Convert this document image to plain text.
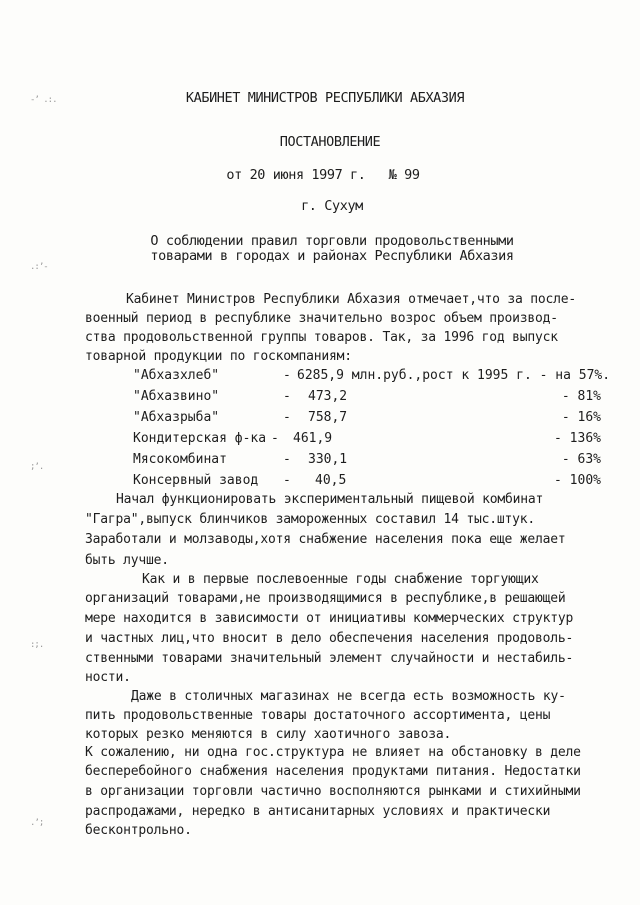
-ʼ .:.
.:ʼ-
;ʼ.
:;.
.ʼ;
КАБИНЕТ МИНИСТРОВ РЕСПУБЛИКИ АБХАЗИЯ
ПОСТАНОВЛЕНИЕ
от 20 июня 1997 г.   № 99
г. Сухум
О соблюдении правил торговли продовольственными
товарами в городах и районах Республики Абхазия
Кабинет Министров Республики Абхазия отмечает,что за после-
военный период в республике значительно возрос объем производ-
ства продовольственной группы товаров. Так, за 1996 год выпуск
товарной продукции по госкомпаниям:
"Абхазхлеб"	- 6285,9 млн.руб.,рост к 1995 г. - на 57%.
"Абхазвино"	- 473,2	- 81%
"Абхазрыба"	- 758,7	- 16%
Кондитерская ф-ка - 461,9	- 136%
Мясокомбинат	- 330,1	- 63%
Консервный завод - 40,5	- 100%
Начал функционировать экспериментальный пищевой комбинат
"Гагра",выпуск блинчиков замороженных составил 14 тыс.штук.
Заработали и молзаводы,хотя снабжение населения пока еще желает
быть лучше.
Как и в первые послевоенные годы снабжение торгующих
организаций товарами,не производящимися в республике,в решающей
мере находится в зависимости от инициативы коммерческих структур
и частных лиц,что вносит в дело обеспечения населения продоволь-
ственными товарами значительный элемент случайности и нестабиль-
ности.
Даже в столичных магазинах не всегда есть возможность ку-
пить продовольственные товары достаточного ассортимента, цены
которых резко меняются в силу хаотичного завоза.
К сожалению, ни одна гос.структура не влияет на обстановку в деле
бесперебойного снабжения населения продуктами питания. Недостатки
в организации торговли частично восполняются рынками и стихийными
распродажами, нередко в антисанитарных условиях и практически
бесконтрольно.
